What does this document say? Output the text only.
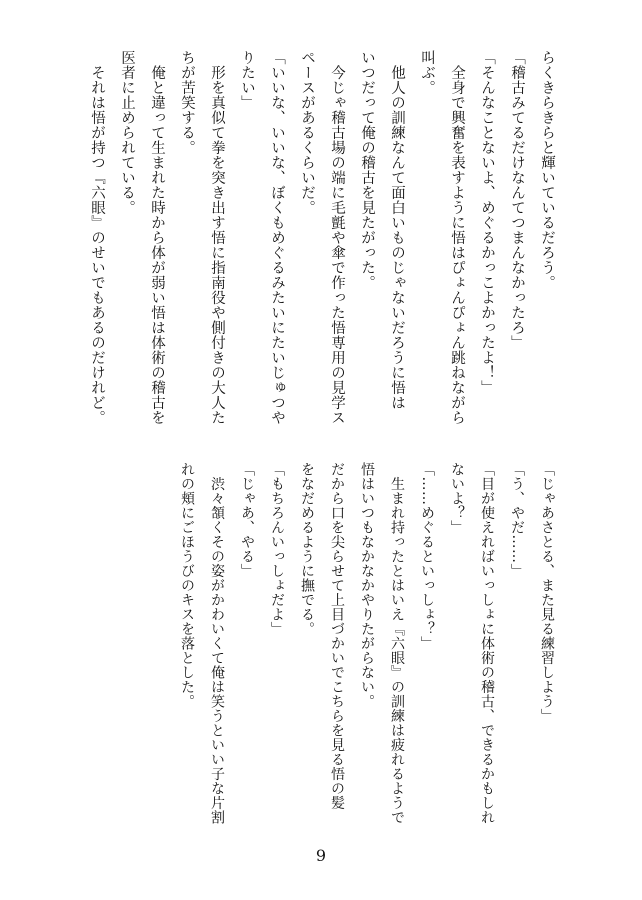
らくきらきらと輝いているだろう。
「稽古みてるだけなんてつまんなかったろ」
「そんなことないよ、めぐるかっこよかったよ！」
　全身で興奮を表すように悟はぴょんぴょん跳ねながら
叫ぶ。
　他人の訓練なんて面白いものじゃないだろうに悟は
いつだって俺の稽古を見たがった。
　今じゃ稽古場の端に毛氈や傘で作った悟専用の見学ス
ペースがあるくらいだ。
「いいな、いいな、ぼくもめぐるみたいにたいじゅつや
りたい」
　形を真似て拳を突き出す悟に指南役や側付きの大人た
ちが苦笑する。
　俺と違って生まれた時から体が弱い悟は体術の稽古を
医者に止められている。
　それは悟が持つ『六眼』のせいでもあるのだけれど。
「じゃあさとる、また見る練習しよう」
「う、やだ……」
「目が使えればいっしょに体術の稽古、できるかもしれ
ないよ？」
「……めぐるといっしょ？」
　生まれ持ったとはいえ『六眼』の訓練は疲れるようで
悟はいつもなかなかやりたがらない。
だから口を尖らせて上目づかいでこちらを見る悟の髪
をなだめるように撫でる。
「もちろんいっしょだよ」
「じゃあ、やる」
　渋々頷くその姿がかわいくて俺は笑うといい子な片割
れの頬にごほうびのキスを落とした。
9
